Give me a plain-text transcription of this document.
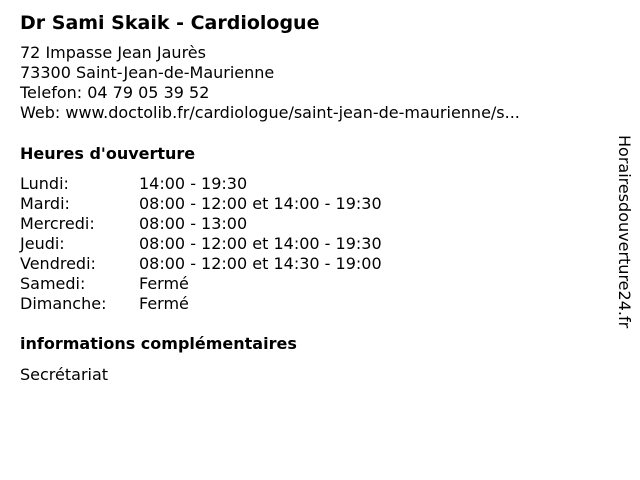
Dr Sami Skaik - Cardiologue
72 Impasse Jean Jaurès
73300 Saint-Jean-de-Maurienne
Telefon: 04 79 05 39 52
Web: www.doctolib.fr/cardiologue/saint-jean-de-maurienne/s...
Heures d'ouverture
Lundi:	14:00 - 19:30
Mardi:	08:00 - 12:00 et 14:00 - 19:30
Mercredi:	08:00 - 13:00
Jeudi:	08:00 - 12:00 et 14:00 - 19:30
Vendredi:	08:00 - 12:00 et 14:30 - 19:00
Samedi:	Fermé
Dimanche: Fermé
informations complémentaires
Secrétariat
Horairesdouverture24.fr
